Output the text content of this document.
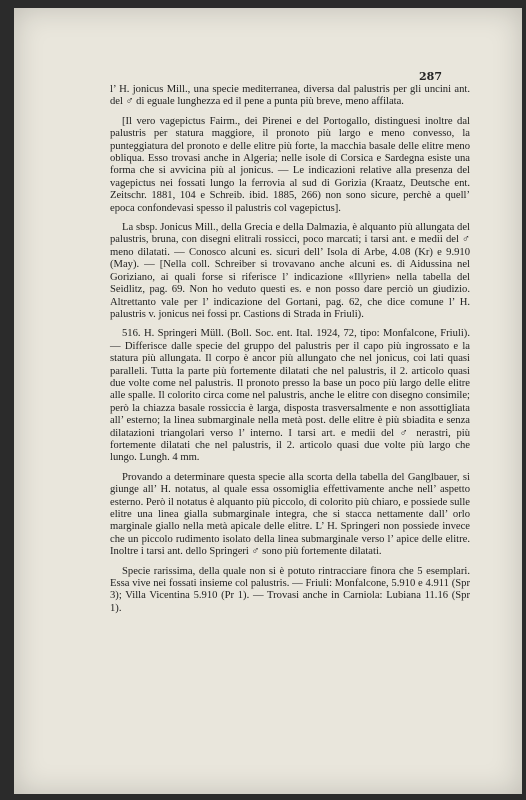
287

l’ H. jonicus Mill., una specie mediterranea, diversa dal palustris per gli uncini ant. del ♂ di eguale lunghezza ed il pene a punta più breve, meno affilata.

[Il vero vagepictus Fairm., dei Pirenei e del Portogallo, distinguesi inoltre dal palustris per statura maggiore, il pronoto più largo e meno convesso, la punteggiatura del pronoto e delle elitre più forte, la macchia basale delle elitre meno obliqua. Esso trovasi anche in Algeria; nelle isole di Corsica e Sardegna esiste una forma che si avvicina più al jonicus. — Le indicazioni relative alla presenza del vagepictus nei fossati lungo la ferrovia al sud di Gorizia (Kraatz, Deutsche ent. Zeitschr. 1881, 104 e Schreib. ibid. 1885, 266) non sono sicure, perchè a quell’ epoca confondevasi spesso il palustris col vagepictus].

La sbsp. Jonicus Mill., della Grecia e della Dalmazia, è alquanto più allungata del palustris, bruna, con disegni elitrali rossicci, poco marcati; i tarsi ant. e medii del ♂ meno dilatati. — Conosco alcuni es. sicuri dell’ Isola di Arbe, 4.08 (Kr) e 9.910 (May). — [Nella coll. Schreiber si trovavano anche alcuni es. di Aidussina nel Goriziano, ai quali forse si riferisce l’ indicazione «Illyrien» nella tabella del Seidlitz, pag. 69. Non ho veduto questi es. e non posso dare perciò un giudizio. Altrettanto vale per l’ indicazione del Gortani, pag. 62, che dice comune l’ H. palustris v. jonicus nei fossi pr. Castions di Strada in Friuli).

516. H. Springeri Müll. (Boll. Soc. ent. Ital. 1924, 72, tipo: Monfalcone, Friuli). — Differisce dalle specie del gruppo del palustris per il capo più ingrossato e la statura più allungata. Il corpo è ancor più allungato che nel jonicus, coi lati quasi paralleli. Tutta la parte più fortemente dilatati che nel palustris, il 2. articolo quasi due volte come nel palustris. Il pronoto presso la base un poco più largo delle elitre alle spalle. Il colorito circa come nel palustris, anche le elitre con disegno consimile; però la chiazza basale rossiccia è larga, disposta trasversalmente e non assottigliata all’ esterno; la linea submarginale nella metà post. delle elitre è più sbiadita e senza dilatazioni triangolari verso l’ interno. I tarsi art. e medii del ♂ nerastri, più fortemente dilatati che nel palustris, il 2. articolo quasi due volte più largo che lungo. Lungh. 4 mm.

Provando a determinare questa specie alla scorta della tabella del Ganglbauer, si giunge all’ H. notatus, al quale essa ossomiglia effettivamente anche nell’ aspetto esterno. Però il notatus è alquanto più piccolo, di colorito più chiaro, e possiede sulle elitre una linea gialla submarginale integra, che si stacca nettamente dall’ orlo marginale giallo nella metà apicale delle elitre. L’ H. Springeri non possiede invece che un piccolo rudimento isolato della linea submarginale verso l’ apice delle elitre. Inoltre i tarsi ant. dello Springeri ♂ sono più fortemente dilatati.

Specie rarissima, della quale non si è potuto rintracciare finora che 5 esemplari. Essa vive nei fossati insieme col palustris. — Friuli: Monfalcone, 5.910 e 4.911 (Spr 3); Villa Vicentina 5.910 (Pr 1). — Trovasi anche in Carniola: Lubiana 11.16 (Spr 1).
